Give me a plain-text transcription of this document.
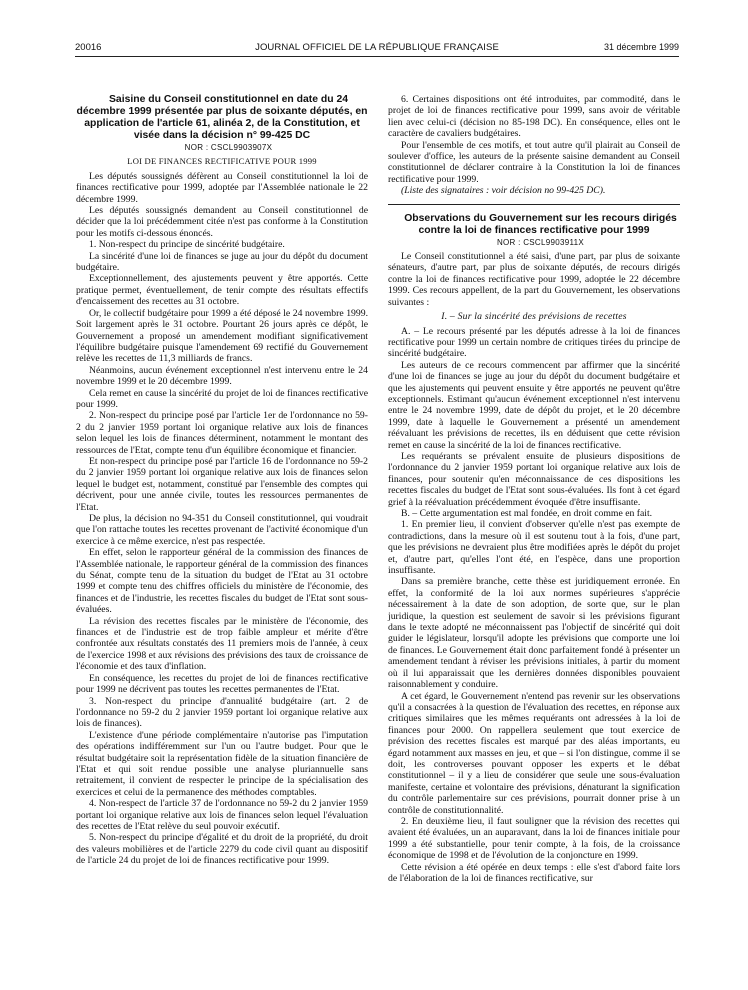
20016	JOURNAL OFFICIEL DE LA RÉPUBLIQUE FRANÇAISE	31 décembre 1999

Saisine du Conseil constitutionnel en date du 24 décembre 1999 présentée par plus de soixante députés, en application de l'article 61, alinéa 2, de la Constitution, et visée dans la décision n° 99-425 DC

NOR : CSCL9903907X

LOI DE FINANCES RECTIFICATIVE POUR 1999

Les députés soussignés défèrent au Conseil constitutionnel la loi de finances rectificative pour 1999, adoptée par l'Assemblée nationale le 22 décembre 1999.

Les députés soussignés demandent au Conseil constitutionnel de décider que la loi précédemment citée n'est pas conforme à la Constitution pour les motifs ci-dessous énoncés.

1. Non-respect du principe de sincérité budgétaire.

La sincérité d'une loi de finances se juge au jour du dépôt du document budgétaire.

Exceptionnellement, des ajustements peuvent y être apportés. Cette pratique permet, éventuellement, de tenir compte des résultats effectifs d'encaissement des recettes au 31 octobre.

Or, le collectif budgétaire pour 1999 a été déposé le 24 novembre 1999. Soit largement après le 31 octobre. Pourtant 26 jours après ce dépôt, le Gouvernement a proposé un amendement modifiant significativement l'équilibre budgétaire puisque l'amendement 69 rectifié du Gouvernement relève les recettes de 11,3 milliards de francs.

Néanmoins, aucun événement exceptionnel n'est intervenu entre le 24 novembre 1999 et le 20 décembre 1999.

Cela remet en cause la sincérité du projet de loi de finances rectificative pour 1999.

2. Non-respect du principe posé par l'article 1er de l'ordonnance no 59-2 du 2 janvier 1959 portant loi organique relative aux lois de finances selon lequel les lois de finances déterminent, notamment le montant des ressources de l'Etat, compte tenu d'un équilibre économique et financier.

Et non-respect du principe posé par l'article 16 de l'ordonnance no 59-2 du 2 janvier 1959 portant loi organique relative aux lois de finances selon lequel le budget est, notamment, constitué par l'ensemble des comptes qui décrivent, pour une année civile, toutes les ressources permanentes de l'Etat.

De plus, la décision no 94-351 du Conseil constitutionnel, qui voudrait que l'on rattache toutes les recettes provenant de l'activité économique d'un exercice à ce même exercice, n'est pas respectée.

En effet, selon le rapporteur général de la commission des finances de l'Assemblée nationale, le rapporteur général de la commission des finances du Sénat, compte tenu de la situation du budget de l'Etat au 31 octobre 1999 et compte tenu des chiffres officiels du ministère de l'économie, des finances et de l'industrie, les recettes fiscales du budget de l'Etat sont sous-évaluées.

La révision des recettes fiscales par le ministère de l'économie, des finances et de l'industrie est de trop faible ampleur et mérite d'être confrontée aux résultats constatés des 11 premiers mois de l'année, à ceux de l'exercice 1998 et aux révisions des prévisions des taux de croissance de l'économie et des taux d'inflation.

En conséquence, les recettes du projet de loi de finances rectificative pour 1999 ne décrivent pas toutes les recettes permanentes de l'Etat.

3. Non-respect du principe d'annualité budgétaire (art. 2 de l'ordonnance no 59-2 du 2 janvier 1959 portant loi organique relative aux lois de finances).

L'existence d'une période complémentaire n'autorise pas l'imputation des opérations indifféremment sur l'un ou l'autre budget. Pour que le résultat budgétaire soit la représentation fidèle de la situation financière de l'Etat et qui soit rendue possible une analyse pluriannuelle sans retraitement, il convient de respecter le principe de la spécialisation des exercices et celui de la permanence des méthodes comptables.

4. Non-respect de l'article 37 de l'ordonnance no 59-2 du 2 janvier 1959 portant loi organique relative aux lois de finances selon lequel l'évaluation des recettes de l'Etat relève du seul pouvoir exécutif.

5. Non-respect du principe d'égalité et du droit de la propriété, du droit des valeurs mobilières et de l'article 2279 du code civil quant au dispositif de l'article 24 du projet de loi de finances rectificative pour 1999.

6. Certaines dispositions ont été introduites, par commodité, dans le projet de loi de finances rectificative pour 1999, sans avoir de véritable lien avec celui-ci (décision no 85-198 DC). En conséquence, elles ont le caractère de cavaliers budgétaires.

Pour l'ensemble de ces motifs, et tout autre qu'il plairait au Conseil de soulever d'office, les auteurs de la présente saisine demandent au Conseil constitutionnel de déclarer contraire à la Constitution la loi de finances rectificative pour 1999.

(Liste des signataires : voir décision no 99-425 DC).

Observations du Gouvernement sur les recours dirigés contre la loi de finances rectificative pour 1999

NOR : CSCL9903911X

Le Conseil constitutionnel a été saisi, d'une part, par plus de soixante sénateurs, d'autre part, par plus de soixante députés, de recours dirigés contre la loi de finances rectificative pour 1999, adoptée le 22 décembre 1999. Ces recours appellent, de la part du Gouvernement, les observations suivantes :

I. – Sur la sincérité des prévisions de recettes

A. – Le recours présenté par les députés adresse à la loi de finances rectificative pour 1999 un certain nombre de critiques tirées du principe de sincérité budgétaire.

Les auteurs de ce recours commencent par affirmer que la sincérité d'une loi de finances se juge au jour du dépôt du document budgétaire et que les ajustements qui peuvent ensuite y être apportés ne peuvent qu'être exceptionnels. Estimant qu'aucun événement exceptionnel n'est intervenu entre le 24 novembre 1999, date de dépôt du projet, et le 20 décembre 1999, date à laquelle le Gouvernement a présenté un amendement réévaluant les prévisions de recettes, ils en déduisent que cette révision remet en cause la sincérité de la loi de finances rectificative.

Les requérants se prévalent ensuite de plusieurs dispositions de l'ordonnance du 2 janvier 1959 portant loi organique relative aux lois de finances, pour soutenir qu'en méconnaissance de ces dispositions les recettes fiscales du budget de l'Etat sont sous-évaluées. Ils font à cet égard grief à la réévaluation précédemment évoquée d'être insuffisante.

B. – Cette argumentation est mal fondée, en droit comme en fait.

1. En premier lieu, il convient d'observer qu'elle n'est pas exempte de contradictions, dans la mesure où il est soutenu tout à la fois, d'une part, que les prévisions ne devraient plus être modifiées après le dépôt du projet et, d'autre part, qu'elles l'ont été, en l'espèce, dans une proportion insuffisante.

Dans sa première branche, cette thèse est juridiquement erronée. En effet, la conformité de la loi aux normes supérieures s'apprécie nécessairement à la date de son adoption, de sorte que, sur le plan juridique, la question est seulement de savoir si les prévisions figurant dans le texte adopté ne méconnaissent pas l'objectif de sincérité qui doit guider le législateur, lorsqu'il adopte les prévisions que comporte une loi de finances. Le Gouvernement était donc parfaitement fondé à présenter un amendement tendant à réviser les prévisions initiales, à partir du moment où il lui apparaissait que les dernières données disponibles pouvaient raisonnablement y conduire.

A cet égard, le Gouvernement n'entend pas revenir sur les observations qu'il a consacrées à la question de l'évaluation des recettes, en réponse aux critiques similaires que les mêmes requérants ont adressées à la loi de finances pour 2000. On rappellera seulement que tout exercice de prévision des recettes fiscales est marqué par des aléas importants, eu égard notamment aux masses en jeu, et que – si l'on distingue, comme il se doit, les controverses pouvant opposer les experts et le débat constitutionnel – il y a lieu de considérer que seule une sous-évaluation manifeste, certaine et volontaire des prévisions, dénaturant la signification du contrôle parlementaire sur ces prévisions, pourrait donner prise à un contrôle de constitutionnalité.

2. En deuxième lieu, il faut souligner que la révision des recettes qui avaient été évaluées, un an auparavant, dans la loi de finances initiale pour 1999 a été substantielle, pour tenir compte, à la fois, de la croissance économique de 1998 et de l'évolution de la conjoncture en 1999.

Cette révision a été opérée en deux temps : elle s'est d'abord faite lors de l'élaboration de la loi de finances rectificative, sur
